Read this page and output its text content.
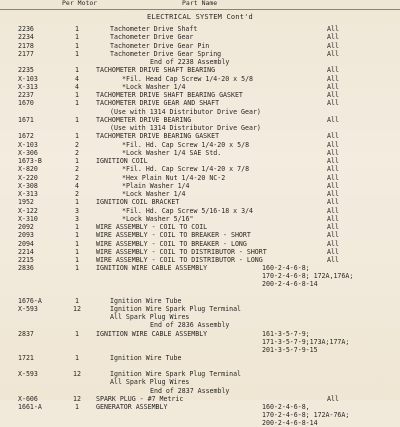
Per Motor	Part Name
ELECTRICAL SYSTEM Cont'd
2236	1	Tachometer Drive Shaft	All
2234	1	Tachometer Drive Gear	All
2178	1	Tachometer Drive Gear Pin	All
2177	1	Tachometer Drive Gear Spring	All
End of 2238 Assembly
2235	1	TACHOMETER DRIVE SHAFT BEARING	All
X-103	4	*Fil. Head Cap Screw 1/4-20 x 5/8	All
X-313	4	*Lock Washer 1/4	All
2237	1	TACHOMETER DRIVE SHAFT BEARING GASKET	All
1670	1	TACHOMETER DRIVE GEAR AND SHAFT	All
(Use with 1314 Distributor Drive Gear)
1671	1	TACHOMETER DRIVE BEARING	All
(Use with 1314 Distributor Drive Gear)
1672	1	TACHOMETER DRIVE BEARING GASKET	All
X-103	2	*Fil. Hd. Cap Screw 1/4-20 x 5/8	All
X-306	2	*Lock Washer 1/4 SAE Std.	All
1673-B	1	IGNITION COIL	All
X-820	2	*Fil. Hd. Cap Screw 1/4-20 x 7/8	All
X-220	2	*Hex Plain Nut 1/4-20 NC-2	All
X-308	4	*Plain Washer 1/4	All
X-313	2	*Lock Washer 1/4	All
1952	1	IGNITION COIL BRACKET	All
X-122	3	*Fil. Hd. Cap Screw 5/16-18 x 3/4	All
X-310	3	*Lock Washer 5/16"	All
2092	1	WIRE ASSEMBLY - COIL TO COIL	All
2093	1	WIRE ASSEMBLY - COIL TO BREAKER - SHORT	All
2094	1	WIRE ASSEMBLY - COIL TO BREAKER - LONG	All
2214	1	WIRE ASSEMBLY - COIL TO DISTRIBUTOR - SHORT	All
2215	1	WIRE ASSEMBLY - COIL TO DISTRIBUTOR - LONG	All
2836	1	IGNITION WIRE CABLE ASSEMBLY	160-2-4-6-8;
170-2-4-6-8; 172A,176A;
200-2-4-6-8-14
1676-A	1	Ignition Wire Tube
X-593	12	Ignition Wire Spark Plug Terminal
All Spark Plug Wires
End of 2836 Assembly
2837	1	IGNITION WIRE CABLE ASSEMBLY	161-3-5-7-9;
171-3-5-7-9;173A;177A;
201-3-5-7-9-15
1721	1	Ignition Wire Tube
X-593	12	Ignition Wire Spark Plug Terminal
All Spark Plug Wires
End of 2837 Assembly
X-606	12 SPARK PLUG - #7 Metric	All
1661-A	1	GENERATOR ASSEMBLY	160-2-4-6-8,
170-2-4-6-8; 172A-76A;
200-2-4-6-8-14
